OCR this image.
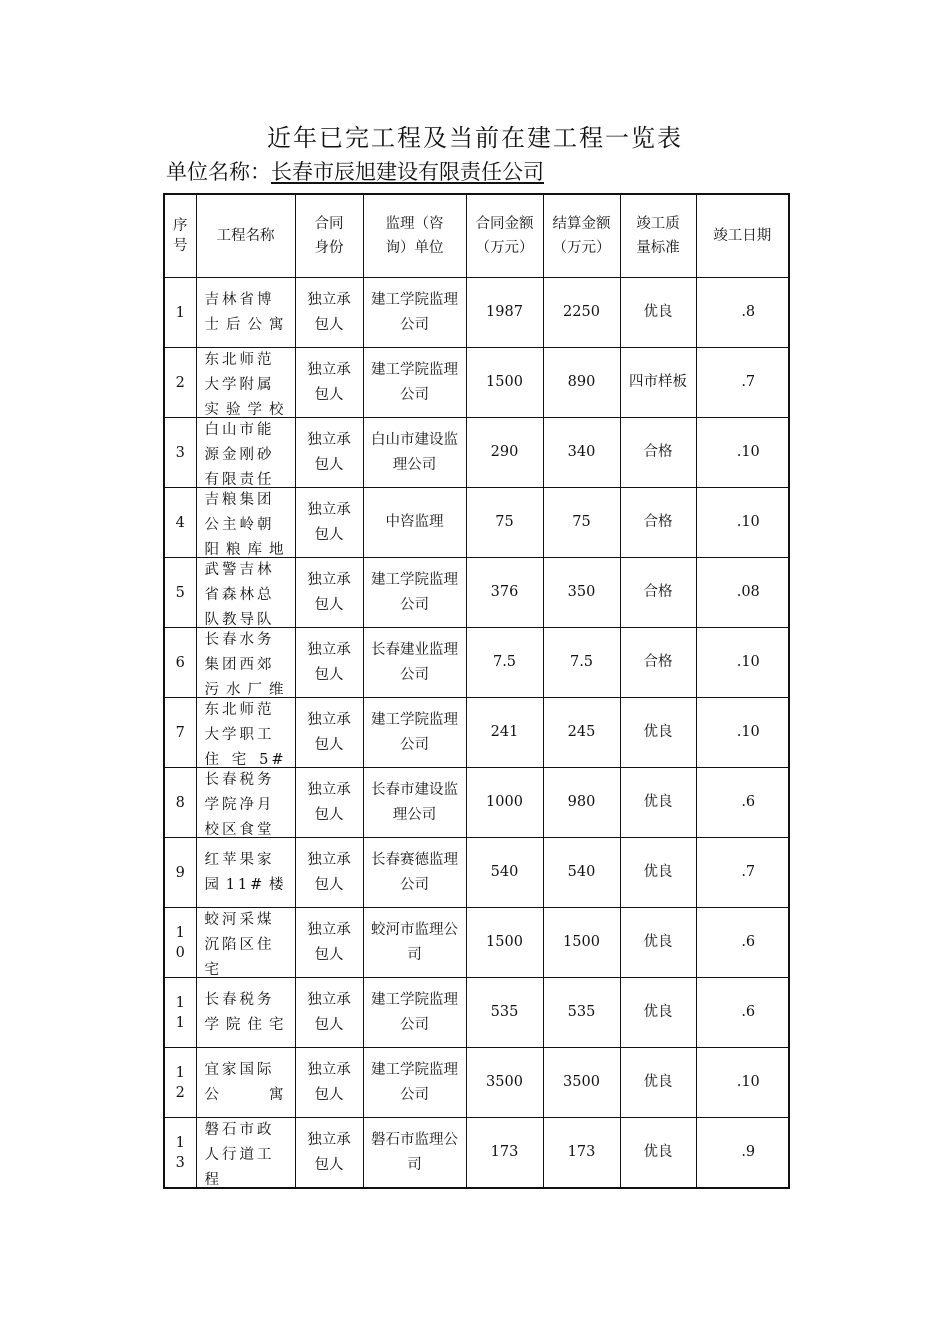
近年已完工程及当前在建工程一览表
单位名称：长春市辰旭建设有限责任公司
序号	工程名称	合同身份	监理（咨询）单位	合同金额（万元）	结算金额（万元）	竣工质量标准	竣工日期
1	吉林省博士后公寓	独立承包人	建工学院监理公司	1987	2250	优良	.8
2	东北师范大学附属实验学校	独立承包人	建工学院监理公司	1500	890	四市样板	.7
3	白山市能源金刚砂有限责任	独立承包人	白山市建设监理公司	290	340	合格	.10
4	吉粮集团公主岭朝阳粮库地	独立承包人	中咨监理	75	75	合格	.10
5	武警吉林省森林总队教导队	独立承包人	建工学院监理公司	376	350	合格	.08
6	长春水务集团西郊污水厂维	独立承包人	长春建业监理公司	7.5	7.5	合格	.10
7	东北师范大学职工住宅5#	独立承包人	建工学院监理公司	241	245	优良	.10
8	长春税务学院净月校区食堂	独立承包人	长春市建设监理公司	1000	980	优良	.6
9	红苹果家园11#楼	独立承包人	长春赛德监理公司	540	540	优良	.7
10	蛟河采煤沉陷区住宅	独立承包人	蛟河市监理公司	1500	1500	优良	.6
11	长春税务学院住宅	独立承包人	建工学院监理公司	535	535	优良	.6
12	宜家国际公寓	独立承包人	建工学院监理公司	3500	3500	优良	.10
13	磐石市政人行道工程	独立承包人	磐石市监理公司	173	173	优良	.9
